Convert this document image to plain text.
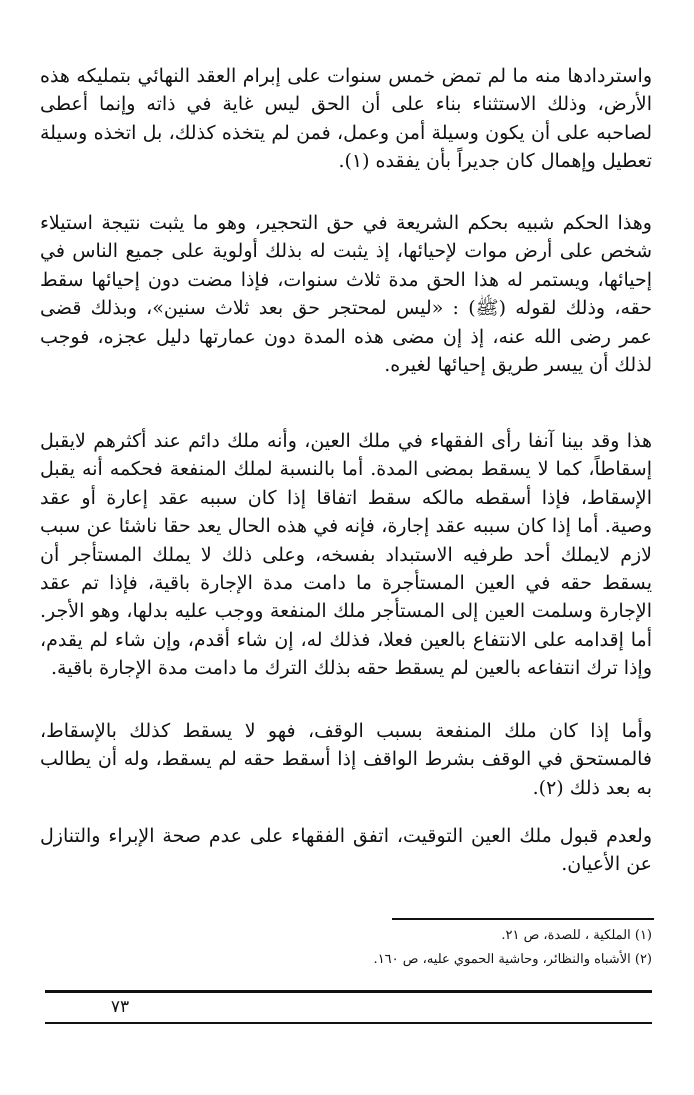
واستردادها منه ما لم تمض خمس سنوات على إبرام العقد النهائي بتمليكه هذه الأرض، وذلك الاستثناء بناء على أن الحق ليس غاية في ذاته وإنما أعطى لصاحبه على أن يكون وسيلة أمن وعمل، فمن لم يتخذه كذلك، بل اتخذه وسيلة تعطيل وإهمال كان جديراً بأن يفقده (١).

وهذا الحكم شبيه بحكم الشريعة في حق التحجير، وهو ما يثبت نتيجة استيلاء شخص على أرض موات لإحيائها، إذ يثبت له بذلك أولوية على جميع الناس في إحيائها، ويستمر له هذا الحق مدة ثلاث سنوات، فإذا مضت دون إحيائها سقط حقه، وذلك لقوله (ﷺ) : «ليس لمحتجر حق بعد ثلاث سنين»، وبذلك قضى عمر رضى الله عنه، إذ إن مضى هذه المدة دون عمارتها دليل عجزه، فوجب لذلك أن ييسر طريق إحيائها لغيره.

هذا وقد بينا آنفا رأى الفقهاء في ملك العين، وأنه ملك دائم عند أكثرهم لايقبل إسقاطاً، كما لا يسقط بمضى المدة. أما بالنسبة لملك المنفعة فحكمه أنه يقبل الإسقاط، فإذا أسقطه مالكه سقط اتفاقا إذا كان سببه عقد إعارة أو عقد وصية. أما إذا كان سببه عقد إجارة، فإنه في هذه الحال يعد حقا ناشئا عن سبب لازم لايملك أحد طرفيه الاستبداد بفسخه، وعلى ذلك لا يملك المستأجر أن يسقط حقه في العين المستأجرة ما دامت مدة الإجارة باقية، فإذا تم عقد الإجارة وسلمت العين إلى المستأجر ملك المنفعة ووجب عليه بدلها، وهو الأجر. أما إقدامه على الانتفاع بالعين فعلا، فذلك له، إن شاء أقدم، وإن شاء لم يقدم، وإذا ترك انتفاعه بالعين لم يسقط حقه بذلك الترك ما دامت مدة الإجارة باقية.

وأما إذا كان ملك المنفعة بسبب الوقف، فهو لا يسقط كذلك بالإسقاط، فالمستحق في الوقف بشرط الواقف إذا أسقط حقه لم يسقط، وله أن يطالب به بعد ذلك (٢).

ولعدم قبول ملك العين التوقيت، اتفق الفقهاء على عدم صحة الإبراء والتنازل عن الأعيان.

(١) الملكية ، للصدة، ص ٢١.

(٢) الأشباه والنظائر، وحاشية الحموي عليه، ص ١٦٠.

٧٣
